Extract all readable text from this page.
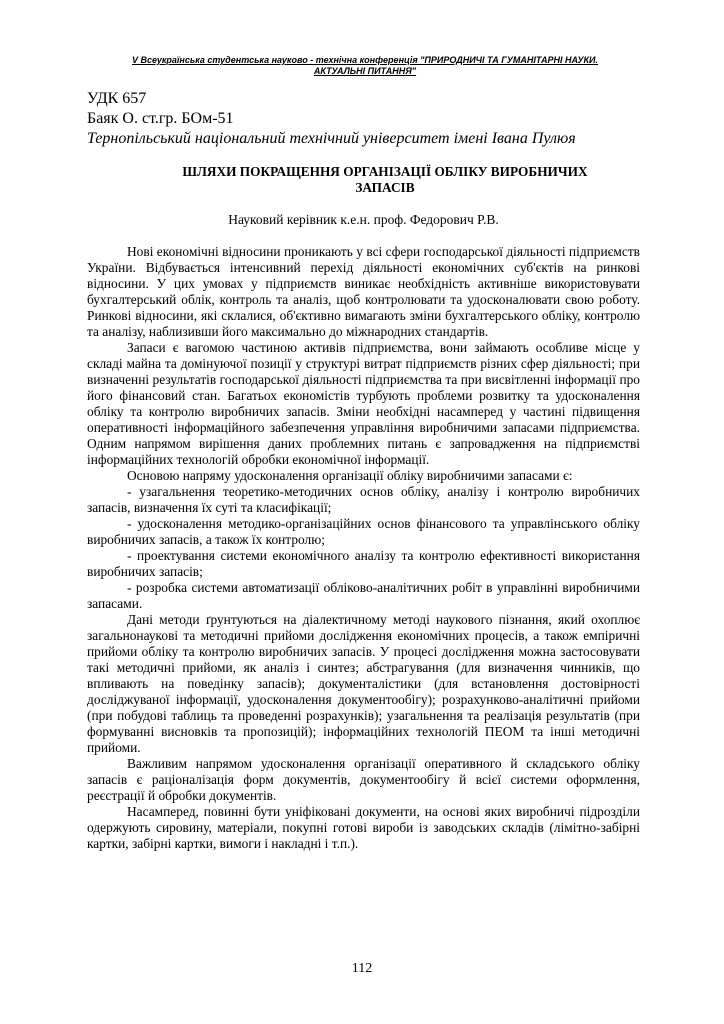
V Всеукраїнська студентська науково - технічна конференція "ПРИРОДНИЧІ ТА ГУМАНІТАРНІ НАУКИ.
АКТУАЛЬНІ ПИТАННЯ"
УДК 657
Баяк О. ст.гр. БОм-51
Тернопільський національний технічний університет імені Івана Пулюя
ШЛЯХИ ПОКРАЩЕННЯ ОРГАНІЗАЦІЇ ОБЛІКУ ВИРОБНИЧИХ
ЗАПАСІВ
Науковий керівник к.е.н. проф. Федорович Р.В.

Нові економічні відносини проникають у всі сфери господарської діяльності підприємств України. Відбувається інтенсивний перехід діяльності економічних суб'єктів на ринкові відносини. У цих умовах у підприємств виникає необхідність активніше використовувати бухгалтерський облік, контроль та аналіз, щоб контролювати та удосконалювати свою роботу. Ринкові відносини, які склалися, об'єктивно вимагають зміни бухгалтерського обліку, контролю та аналізу, наблизивши його максимально до міжнародних стандартів.

Запаси є вагомою частиною активів підприємства, вони займають особливе місце у складі майна та домінуючої позиції у структурі витрат підприємств різних сфер діяльності; при визначенні результатів господарської діяльності підприємства та при висвітленні інформації про його фінансовий стан. Багатьох економістів турбують проблеми розвитку та удосконалення обліку та контролю виробничих запасів. Зміни необхідні насамперед у частині підвищення оперативності інформаційного забезпечення управління виробничими запасами підприємства. Одним напрямом вирішення даних проблемних питань є запровадження на підприємстві інформаційних технологій обробки економічної інформації.

Основою напряму удосконалення організації обліку виробничими запасами є:

- узагальнення теоретико-методичних основ обліку, аналізу і контролю виробничих запасів, визначення їх суті та класифікації;

- удосконалення методико-організаційних основ фінансового та управлінського обліку виробничих запасів, а також їх контролю;

- проектування системи економічного аналізу та контролю ефективності використання виробничих запасів;

- розробка системи автоматизації обліково-аналітичних робіт в управлінні виробничими запасами.

Дані методи ґрунтуються на діалектичному методі наукового пізнання, який охоплює загальнонаукові та методичні прийоми дослідження економічних процесів, а також емпіричні прийоми обліку та контролю виробничих запасів. У процесі дослідження можна застосовувати такі методичні прийоми, як аналіз і синтез; абстрагування (для визначення чинників, що впливають на поведінку запасів); документалістики (для встановлення достовірності досліджуваної інформації, удосконалення документообігу); розрахунково-аналітичні прийоми (при побудові таблиць та проведенні розрахунків); узагальнення та реалізація результатів (при формуванні висновків та пропозицій); інформаційних технологій ПЕОМ та інші методичні прийоми.

Важливим напрямом удосконалення організації оперативного й складського обліку запасів є раціоналізація форм документів, документообігу й всієї системи оформлення, реєстрації й обробки документів.

Насамперед, повинні бути уніфіковані документи, на основі яких виробничі підрозділи одержують сировину, матеріали, покупні готові вироби із заводських складів (лімітно-забірні картки, забірні картки, вимоги і накладні і т.п.).

112
